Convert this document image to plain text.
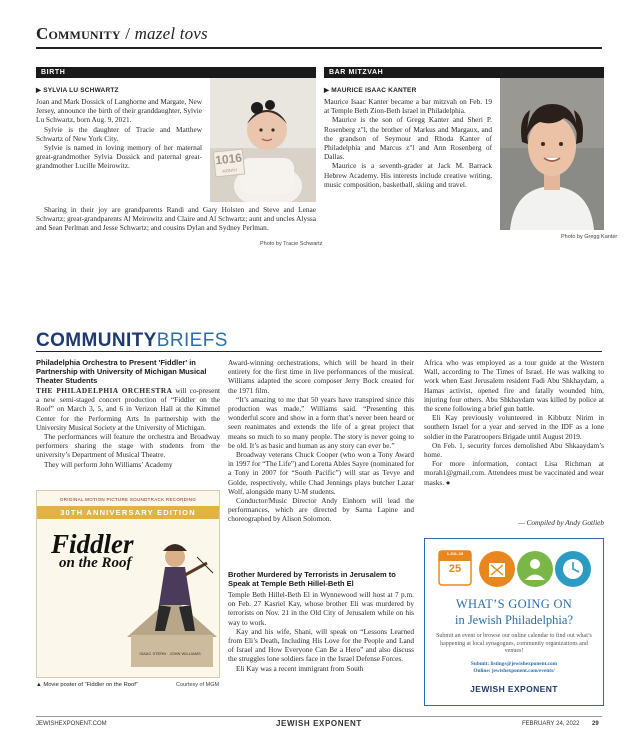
Community / mazel tovs
BIRTH
▶ SYLVIA LU SCHWARTZ

Joan and Mark Dossick of Langhorne and Margate, New Jersey, announce the birth of their granddaughter, Sylvie Lu Schwartz, born Aug. 9, 2021.

Sylvie is the daughter of Tracie and Matthew Schwartz of New York City.

Sylvie is named in loving memory of her maternal great-grandmother Sylvia Dossick and paternal great-grandmother Lucille Meirowitz.

Sharing in their joy are grandparents Randi and Gary Holsten and Steve and Lenae Schwartz; great-grandparents Al Meirowitz and Claire and Al Schwartz; aunt and uncles Alyssa and Sean Perlman and Jesse Schwartz; and cousins Dylan and Sydney Perlman.

1016
MONTH
Photo by Tracie Schwartz
BAR MITZVAH
▶ MAURICE ISAAC KANTER

Maurice Isaac Kanter became a bar mitzvah on Feb. 19 at Temple Beth Zion-Beth Israel in Philadelphia.

Maurice is the son of Gregg Kanter and Sheri P. Rosenberg z"l, the brother of Markus and Margaux, and the grandson of Seymour and Rhoda Kanter of Philadelphia and Marcus z"l and Ann Rosenberg of Dallas.

Maurice is a seventh-grader at Jack M. Barrack Hebrew Academy. His interests include creative writing, music composition, basketball, skiing and travel.

Photo by Gregg Kanter
COMMUNITYBRIEFS
Philadelphia Orchestra to Present 'Fiddler' in Partnership with University of Michigan Musical Theater Students

THE PHILADELPHIA ORCHESTRA will co-present a new semi-staged concert production of “Fiddler on the Roof” on March 3, 5, and 6 in Verizon Hall at the Kimmel Center for the Performing Arts In partnership with the University Musical Society at the University of Michigan.

The performances will feature the orchestra and Broadway performers sharing the stage with students from the university’s Department of Musical Theatre.

They will perform John Williams’ Academy

ORIGINAL MOTION PICTURE SOUNDTRACK RECORDING
30TH ANNIVERSARY EDITION
Fiddler
on the Roof
ISAAC STERN · JOHN WILLIAMS
▲ Movie poster of “Fiddler on the Roof”	Courtesy of MGM

Award-winning orchestrations, which will be heard in their entirety for the first time in live performances of the musical. Williams adapted the score composer Jerry Bock created for the 1971 film.

“It’s amazing to me that 50 years have transpired since this production was made,” Williams said. “Presenting this wonderful score and show in a form that’s never been heard or seen reanimates and extends the life of a great project that means so much to so many people. The story is never going to be old. It’s as basic and human as any story can ever be.”

Broadway veterans Chuck Cooper (who won a Tony Award in 1997 for “The Life”) and Loretta Ables Sayre (nominated for a Tony in 2007 for “South Pacific”) will star as Tevye and Golde, respectively, while Chad Jennings plays butcher Lazar Wolf, alongside many U-M students.

Conductor/Music Director Andy Einhorn will lead the performances, which are directed by Sarna Lapine and choreographed by Alison Solomon.

Brother Murdered by Terrorists in Jerusalem to Speak at Temple Beth Hillel-Beth El

Temple Beth Hillel-Beth El in Wynnewood will host at 7 p.m. on Feb. 27 Kasriel Kay, whose brother Eli was murdered by terrorists on Nov. 21 in the Old City of Jerusalem while on his way to work.

Kay and his wife, Shani, will speak on “Lessons Learned from Eli’s Death, Including His Love for the People and Land of Israel and How Everyone Can Be a Hero” and also discuss the struggles lone soldiers face in the Israel Defense Forces.

Eli Kay was a recent immigrant from South

Africa who was employed as a tour guide at the Western Wall, according to The Times of Israel. He was walking to work when East Jerusalem resident Fadi Abu Shkhaydam, a Hamas activist, opened fire and fatally wounded him, injuring four others. Abu Shkhaydam was killed by police at the scene following a brief gun battle.

Eli Kay previously volunteered in Kibbutz Nirim in southern Israel for a year and served in the IDF as a lone soldier in the Paratroopers Brigade until August 2019.

On Feb. 1, security forces demolished Abu Shkaaydam’s home.

For more information, contact Lisa Richman at morah1@gmail.com. Attendees must be vaccinated and wear masks. ●

— Compiled by Andy Gotlieb
1.JUL.15
25
WHAT’S GOING ON
in Jewish Philadelphia?
Submit an event or browse our online calendar to find out what’s happening at local synagogues, community organizations and venues!
Submit: listings@jewishexponent.com
Online: jewishexponent.com/events/
JEWISH EXPONENT
JEWISHEXPONENT.COM	JEWISH EXPONENT	FEBRUARY 24, 2022 29
